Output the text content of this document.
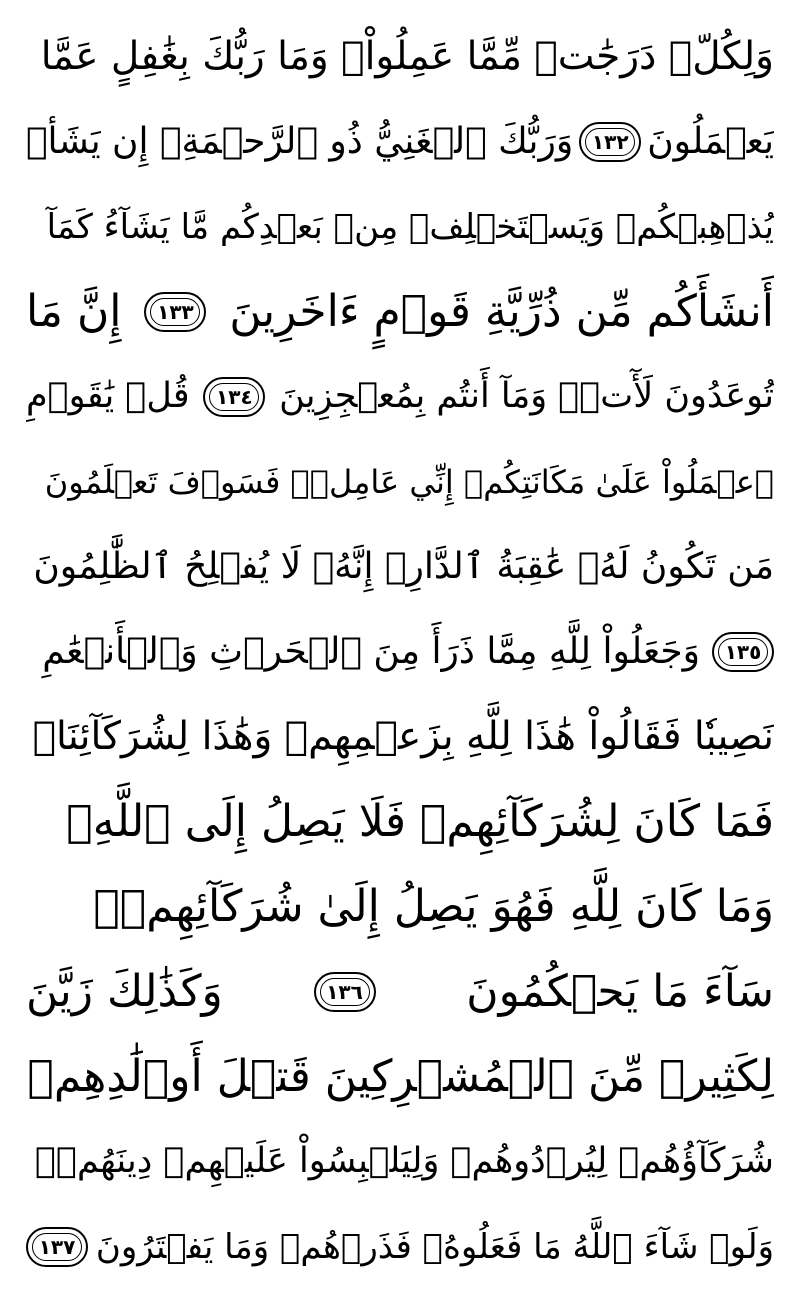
وَلِكُلّٖ دَرَجَٰتٞ مِّمَّا عَمِلُواْۚ وَمَا رَبُّكَ بِغَٰفِلٍ عَمَّا
يَعۡمَلُونَ
١٣٢
وَرَبُّكَ ٱلۡغَنِيُّ ذُو ٱلرَّحۡمَةِۚ إِن يَشَأۡ
يُذۡهِبۡكُمۡ وَيَسۡتَخۡلِفۡ مِنۢ بَعۡدِكُم مَّا يَشَآءُ كَمَآ
أَنشَأَكُم مِّن ذُرِّيَّةِ قَوۡمٍ ءَاخَرِينَ
١٣٣
إِنَّ مَا
تُوعَدُونَ لَأٓتٖۖ وَمَآ أَنتُم بِمُعۡجِزِينَ
١٣٤
قُلۡ يَٰقَوۡمِ
ٱعۡمَلُواْ عَلَىٰ مَكَانَتِكُمۡ إِنِّي عَامِلٞۖ فَسَوۡفَ تَعۡلَمُونَ
مَن تَكُونُ لَهُۥ عَٰقِبَةُ ٱلدَّارِۚ إِنَّهُۥ لَا يُفۡلِحُ ٱلظَّٰلِمُونَ
١٣٥
وَجَعَلُواْ لِلَّهِ مِمَّا ذَرَأَ مِنَ ٱلۡحَرۡثِ وَٱلۡأَنۡعَٰمِ
نَصِيبٗا فَقَالُواْ هَٰذَا لِلَّهِ بِزَعۡمِهِمۡ وَهَٰذَا لِشُرَكَآئِنَاۖ
فَمَا كَانَ لِشُرَكَآئِهِمۡ فَلَا يَصِلُ إِلَى ٱللَّهِۖ
وَمَا كَانَ لِلَّهِ فَهُوَ يَصِلُ إِلَىٰ شُرَكَآئِهِمۡۗ
سَآءَ مَا يَحۡكُمُونَ
١٣٦
وَكَذَٰلِكَ زَيَّنَ
لِكَثِيرٖ مِّنَ ٱلۡمُشۡرِكِينَ قَتۡلَ أَوۡلَٰدِهِمۡ
شُرَكَآؤُهُمۡ لِيُرۡدُوهُمۡ وَلِيَلۡبِسُواْ عَلَيۡهِمۡ دِينَهُمۡۖ
وَلَوۡ شَآءَ ٱللَّهُ مَا فَعَلُوهُۖ فَذَرۡهُمۡ وَمَا يَفۡتَرُونَ
١٣٧
